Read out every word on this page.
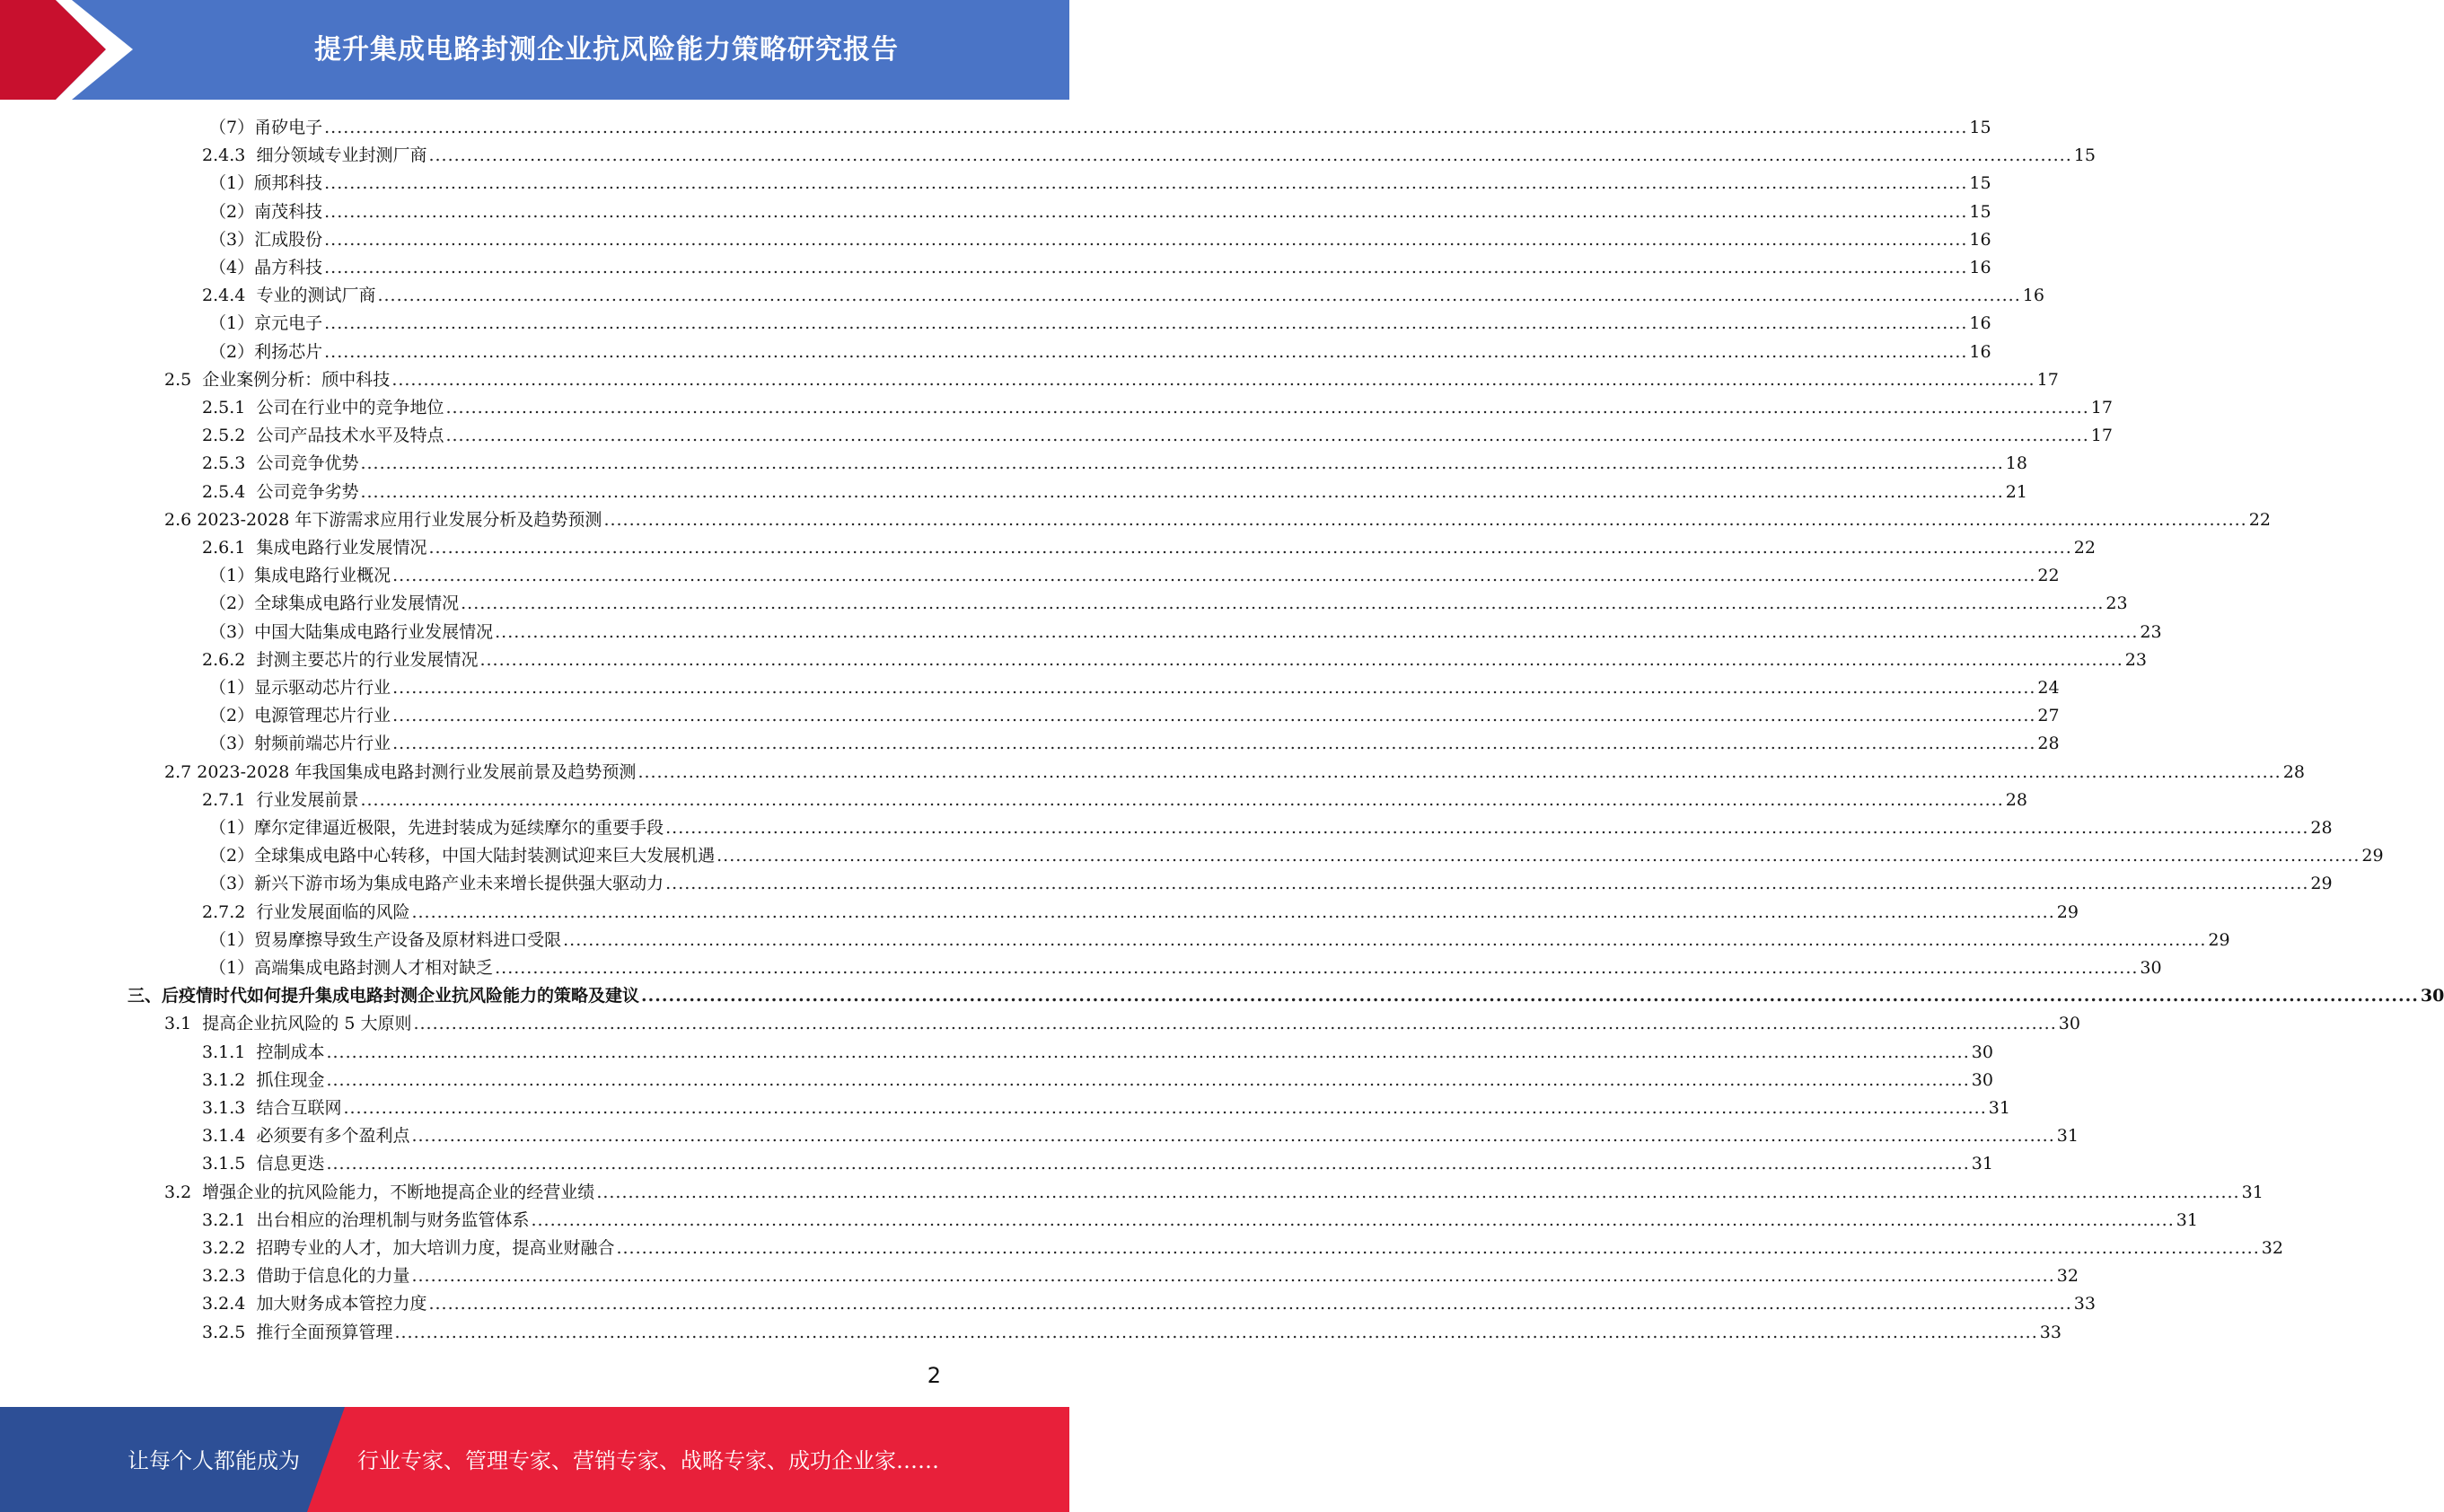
提升集成电路封测企业抗风险能力策略研究报告
（7） 甬矽电子 .................................................................................................................................................................................................................................................................... 15
2.4.3 细分领域专业封测厂商 .................................................................................................................................................................................................................................................................... 15
（1） 颀邦科技 .................................................................................................................................................................................................................................................................... 15
（2） 南茂科技 .................................................................................................................................................................................................................................................................... 15
（3） 汇成股份 .................................................................................................................................................................................................................................................................... 16
（4） 晶方科技 .................................................................................................................................................................................................................................................................... 16
2.4.4 专业的测试厂商 .................................................................................................................................................................................................................................................................... 16
（1） 京元电子 .................................................................................................................................................................................................................................................................... 16
（2） 利扬芯片 .................................................................................................................................................................................................................................................................... 16
2.5 企业案例分析：颀中科技 .................................................................................................................................................................................................................................................................... 17
2.5.1 公司在行业中的竞争地位 .................................................................................................................................................................................................................................................................... 17
2.5.2 公司产品技术水平及特点 .................................................................................................................................................................................................................................................................... 17
2.5.3 公司竞争优势 .................................................................................................................................................................................................................................................................... 18
2.5.4 公司竞争劣势 .................................................................................................................................................................................................................................................................... 21
2.6 2023-2028 年下游需求应用行业发展分析及趋势预测 .................................................................................................................................................................................................................................................................... 22
2.6.1 集成电路行业发展情况 .................................................................................................................................................................................................................................................................... 22
（1） 集成电路行业概况 .................................................................................................................................................................................................................................................................... 22
（2） 全球集成电路行业发展情况 .................................................................................................................................................................................................................................................................... 23
（3） 中国大陆集成电路行业发展情况 .................................................................................................................................................................................................................................................................... 23
2.6.2 封测主要芯片的行业发展情况 .................................................................................................................................................................................................................................................................... 23
（1） 显示驱动芯片行业 .................................................................................................................................................................................................................................................................... 24
（2） 电源管理芯片行业 .................................................................................................................................................................................................................................................................... 27
（3） 射频前端芯片行业 .................................................................................................................................................................................................................................................................... 28
2.7 2023-2028 年我国集成电路封测行业发展前景及趋势预测 .................................................................................................................................................................................................................................................................... 28
2.7.1 行业发展前景 .................................................................................................................................................................................................................................................................... 28
（1） 摩尔定律逼近极限，先进封装成为延续摩尔的重要手段 .................................................................................................................................................................................................................................................................... 28
（2） 全球集成电路中心转移，中国大陆封装测试迎来巨大发展机遇 .................................................................................................................................................................................................................................................................... 29
（3） 新兴下游市场为集成电路产业未来增长提供强大驱动力 .................................................................................................................................................................................................................................................................... 29
2.7.2 行业发展面临的风险 .................................................................................................................................................................................................................................................................... 29
（1） 贸易摩擦导致生产设备及原材料进口受限 .................................................................................................................................................................................................................................................................... 29
（1） 高端集成电路封测人才相对缺乏 .................................................................................................................................................................................................................................................................... 30
三、后疫情时代如何提升集成电路封测企业抗风险能力的策略及建议 .................................................................................................................................................................................................................................................................... 30
3.1 提高企业抗风险的 5 大原则 .................................................................................................................................................................................................................................................................... 30
3.1.1 控制成本 .................................................................................................................................................................................................................................................................... 30
3.1.2 抓住现金 .................................................................................................................................................................................................................................................................... 30
3.1.3 结合互联网 .................................................................................................................................................................................................................................................................... 31
3.1.4 必须要有多个盈利点 .................................................................................................................................................................................................................................................................... 31
3.1.5 信息更迭 .................................................................................................................................................................................................................................................................... 31
3.2 增强企业的抗风险能力，不断地提高企业的经营业绩 .................................................................................................................................................................................................................................................................... 31
3.2.1 出台相应的治理机制与财务监管体系 .................................................................................................................................................................................................................................................................... 31
3.2.2 招聘专业的人才，加大培训力度，提高业财融合 .................................................................................................................................................................................................................................................................... 32
3.2.3 借助于信息化的力量 .................................................................................................................................................................................................................................................................... 32
3.2.4 加大财务成本管控力度 .................................................................................................................................................................................................................................................................... 33
3.2.5 推行全面预算管理 .................................................................................................................................................................................................................................................................... 33
2
让每个人都能成为	行业专家、管理专家、营销专家、战略专家、成功企业家……
